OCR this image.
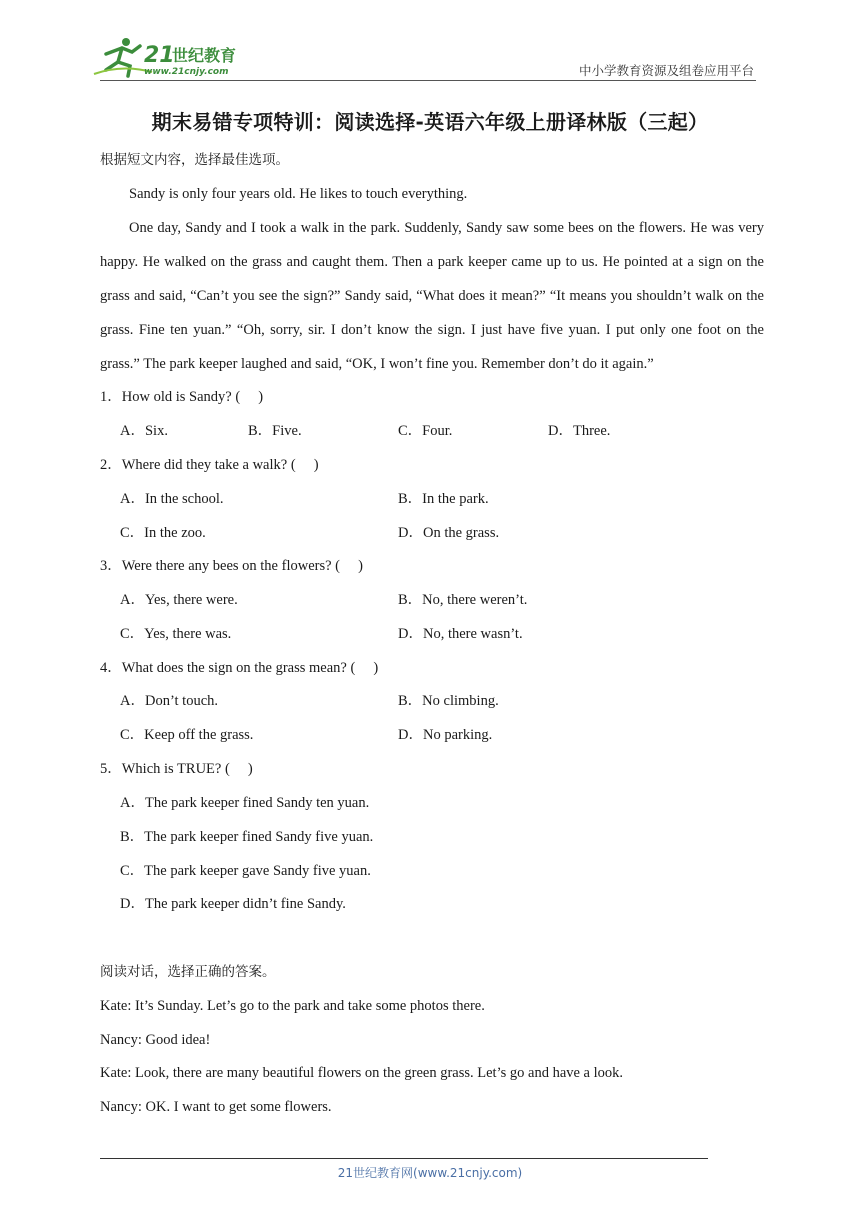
21
世纪教育
www.21cnjy.com	中小学教育资源及组卷应用平台
期末易错专项特训：阅读选择-英语六年级上册译林版（三起）
根据短文内容，选择最佳选项。

Sandy is only four years old. He likes to touch everything.

One day, Sandy and I took a walk in the park. Suddenly, Sandy saw some bees on the flowers. He was very happy. He walked on the grass and caught them. Then a park keeper came up to us. He pointed at a sign on the grass and said, “Can’t you see the sign?” Sandy said, “What does it mean?” “It means you shouldn’t walk on the grass. Fine ten yuan.” “Oh, sorry, sir. I don’t know the sign. I just have five yuan. I put only one foot on the grass.” The park keeper laughed and said, “OK, I won’t fine you. Remember don’t do it again.”

1．How old is Sandy? (　 )
A．Six.	B．Five.	C．Four.	D．Three.
2．Where did they take a walk? (　 )
A．In the school.	B．In the park.
C．In the zoo.	D．On the grass.
3．Were there any bees on the flowers? (　 )
A．Yes, there were.	B．No, there weren’t.
C．Yes, there was.	D．No, there wasn’t.
4．What does the sign on the grass mean? (　 )
A．Don’t touch.	B．No climbing.
C．Keep off the grass.	D．No parking.
5．Which is TRUE? (　 )
A．The park keeper fined Sandy ten yuan.
B．The park keeper fined Sandy five yuan.
C．The park keeper gave Sandy five yuan.
D．The park keeper didn’t fine Sandy.
阅读对话，选择正确的答案。
Kate: It’s Sunday. Let’s go to the park and take some photos there.
Nancy: Good idea!
Kate: Look, there are many beautiful flowers on the green grass. Let’s go and have a look.
Nancy: OK. I want to get some flowers.
21世纪教育网(www.21cnjy.com)
